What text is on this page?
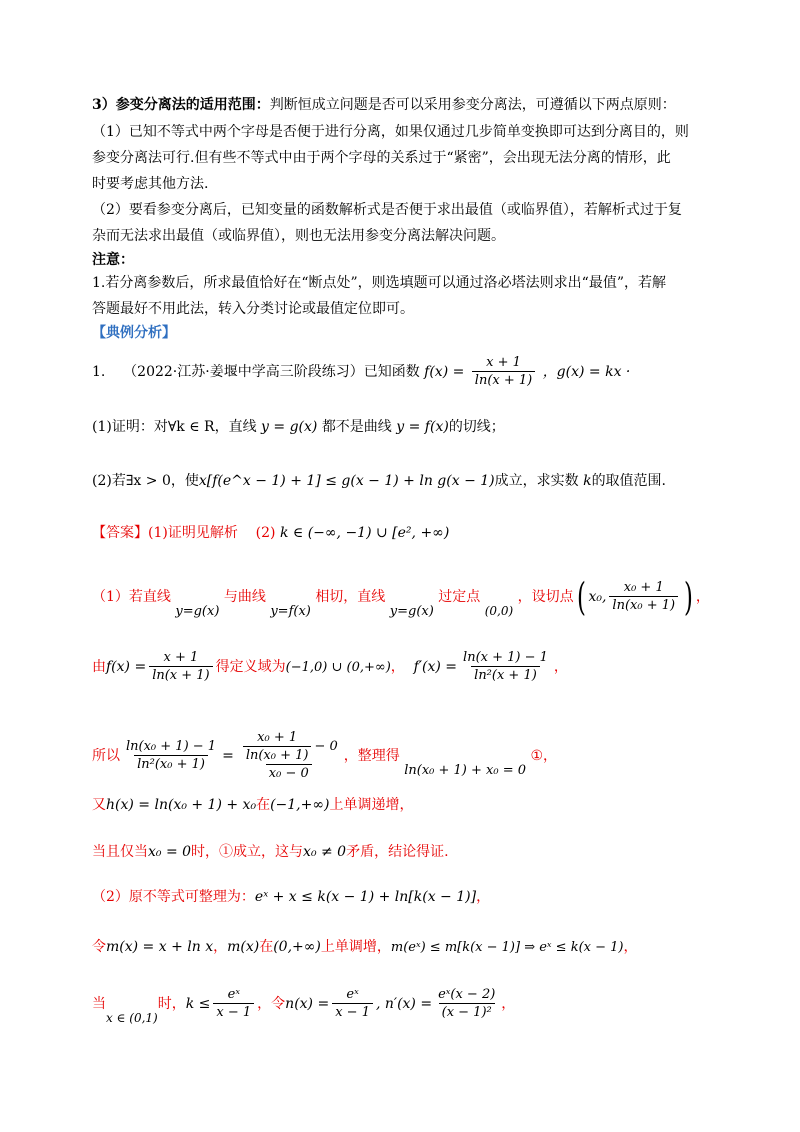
3）参变分离法的适用范围：判断恒成立问题是否可以采用参变分离法，可遵循以下两点原则：
（1）已知不等式中两个字母是否便于进行分离，如果仅通过几步简单变换即可达到分离目的，则
参变分离法可行.但有些不等式中由于两个字母的关系过于“紧密”，会出现无法分离的情形，此
时要考虑其他方法.
（2）要看参变分离后，已知变量的函数解析式是否便于求出最值（或临界值），若解析式过于复
杂而无法求出最值（或临界值），则也无法用参变分离法解决问题。
注意：
1.若分离参数后，所求最值恰好在“断点处”，则选填题可以通过洛必塔法则求出“最值”，若解
答题最好不用此法，转入分类讨论或最值定位即可。
【典例分析】
1. （2022·江苏·姜堰中学高三阶段练习）已知函数 $f(x) = \frac{x + 1}{\ln(x + 1)}$ ，g(x) = kx ·
(1)证明：对∀k ∈ R，直线 y = g(x) 都不是曲线 y = f(x)的切线；
(2)若∃x > 0，使x[f(e^x − 1) + 1] ≤ g(x − 1) + ln g(x − 1)成立，求实数 k的取值范围.
【答案】(1)证明见解析 (2) k ∈ (−∞, −1) ∪ [e², +∞)
（1）若直线 y=g(x) 与曲线 y=f(x) 相切，直线 y=g(x) 过定点 (0,0) ，设切点( x₀, $\frac{\text{x₀ + 1}}{\text{ln(x₀ + 1)}}$ ) ，
由$f(x) = \frac{x + 1}{\ln(x + 1)}$ 得定义域为(−1,0) ∪ (0,+∞)， $f'(x) = \frac{\ln(x + 1) - 1}{\text{ln²(x + 1)}}$ ，
所以 $\frac{\text{ln(x₀ + 1) − 1}}{\text{ln²(x₀ + 1)}} = \frac{\frac{\text{x₀ + 1}}{\text{ln(x₀ + 1)}} - 0}{\text{x₀ − 0}}$ ，整理得 ln(x₀ + 1) + x₀ = 0 ①，
又h(x) = ln(x₀ + 1) + x₀在(−1,+∞)上单调递增，
当且仅当x₀ = 0时，①成立，这与x₀ ≠ 0矛盾，结论得证.
（2）原不等式可整理为：eˣ + x ≤ k(x − 1) + ln[k(x − 1)]，
令m(x) = x + ln x，m(x)在(0,+∞)上单调增，m(eˣ) ≤ m[k(x − 1)] ⇒ eˣ ≤ k(x − 1)，
当x ∈ (0,1)时，$k \le \frac{\text{eˣ}}{x - 1}$ ，令$n(x) = \frac{\text{eˣ}}{x - 1}$ , $n'(x) = \frac{\text{eˣ(x − 2)}}{\text{(x − 1)²}}$ ，
